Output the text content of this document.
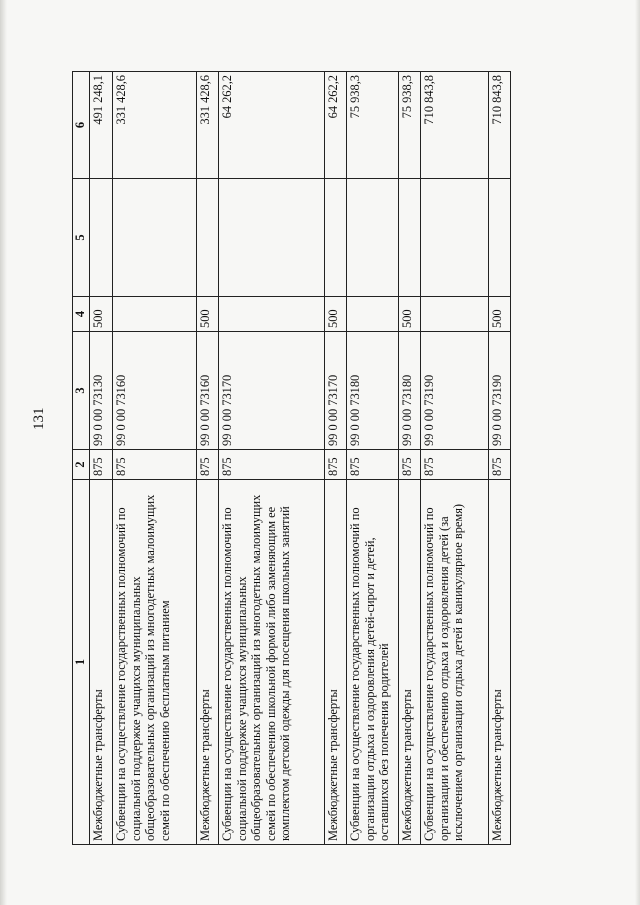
131
1	2	3	4	5	6
Межбюджетные трансферты	875	99 0 00 73130	500		491 248,1
Субвенции на осуществление государственных полномочий по социальной поддержке учащихся муниципальных общеобразовательных организаций из многодетных малоимущих семей по обеспечению бесплатным питанием	875	99 0 00 73160			331 428,6
Межбюджетные трансферты	875	99 0 00 73160	500		331 428,6
Субвенции на осуществление государственных полномочий по социальной поддержке учащихся муниципальных общеобразовательных организаций из многодетных малоимущих семей по обеспечению школьной формой либо заменяющим ее комплектом детской одежды для посещения школьных занятий	875	99 0 00 73170			64 262,2
Межбюджетные трансферты	875	99 0 00 73170	500		64 262,2
Субвенции на осуществление государственных полномочий по организации отдыха и оздоровления детей-сирот и детей, оставшихся без попечения родителей	875	99 0 00 73180			75 938,3
Межбюджетные трансферты	875	99 0 00 73180	500		75 938,3
Субвенции на осуществление государственных полномочий по организации и обеспечению отдыха и оздоровления детей (за исключением организации отдыха детей в каникулярное время)	875	99 0 00 73190			710 843,8
Межбюджетные трансферты	875	99 0 00 73190	500		710 843,8
